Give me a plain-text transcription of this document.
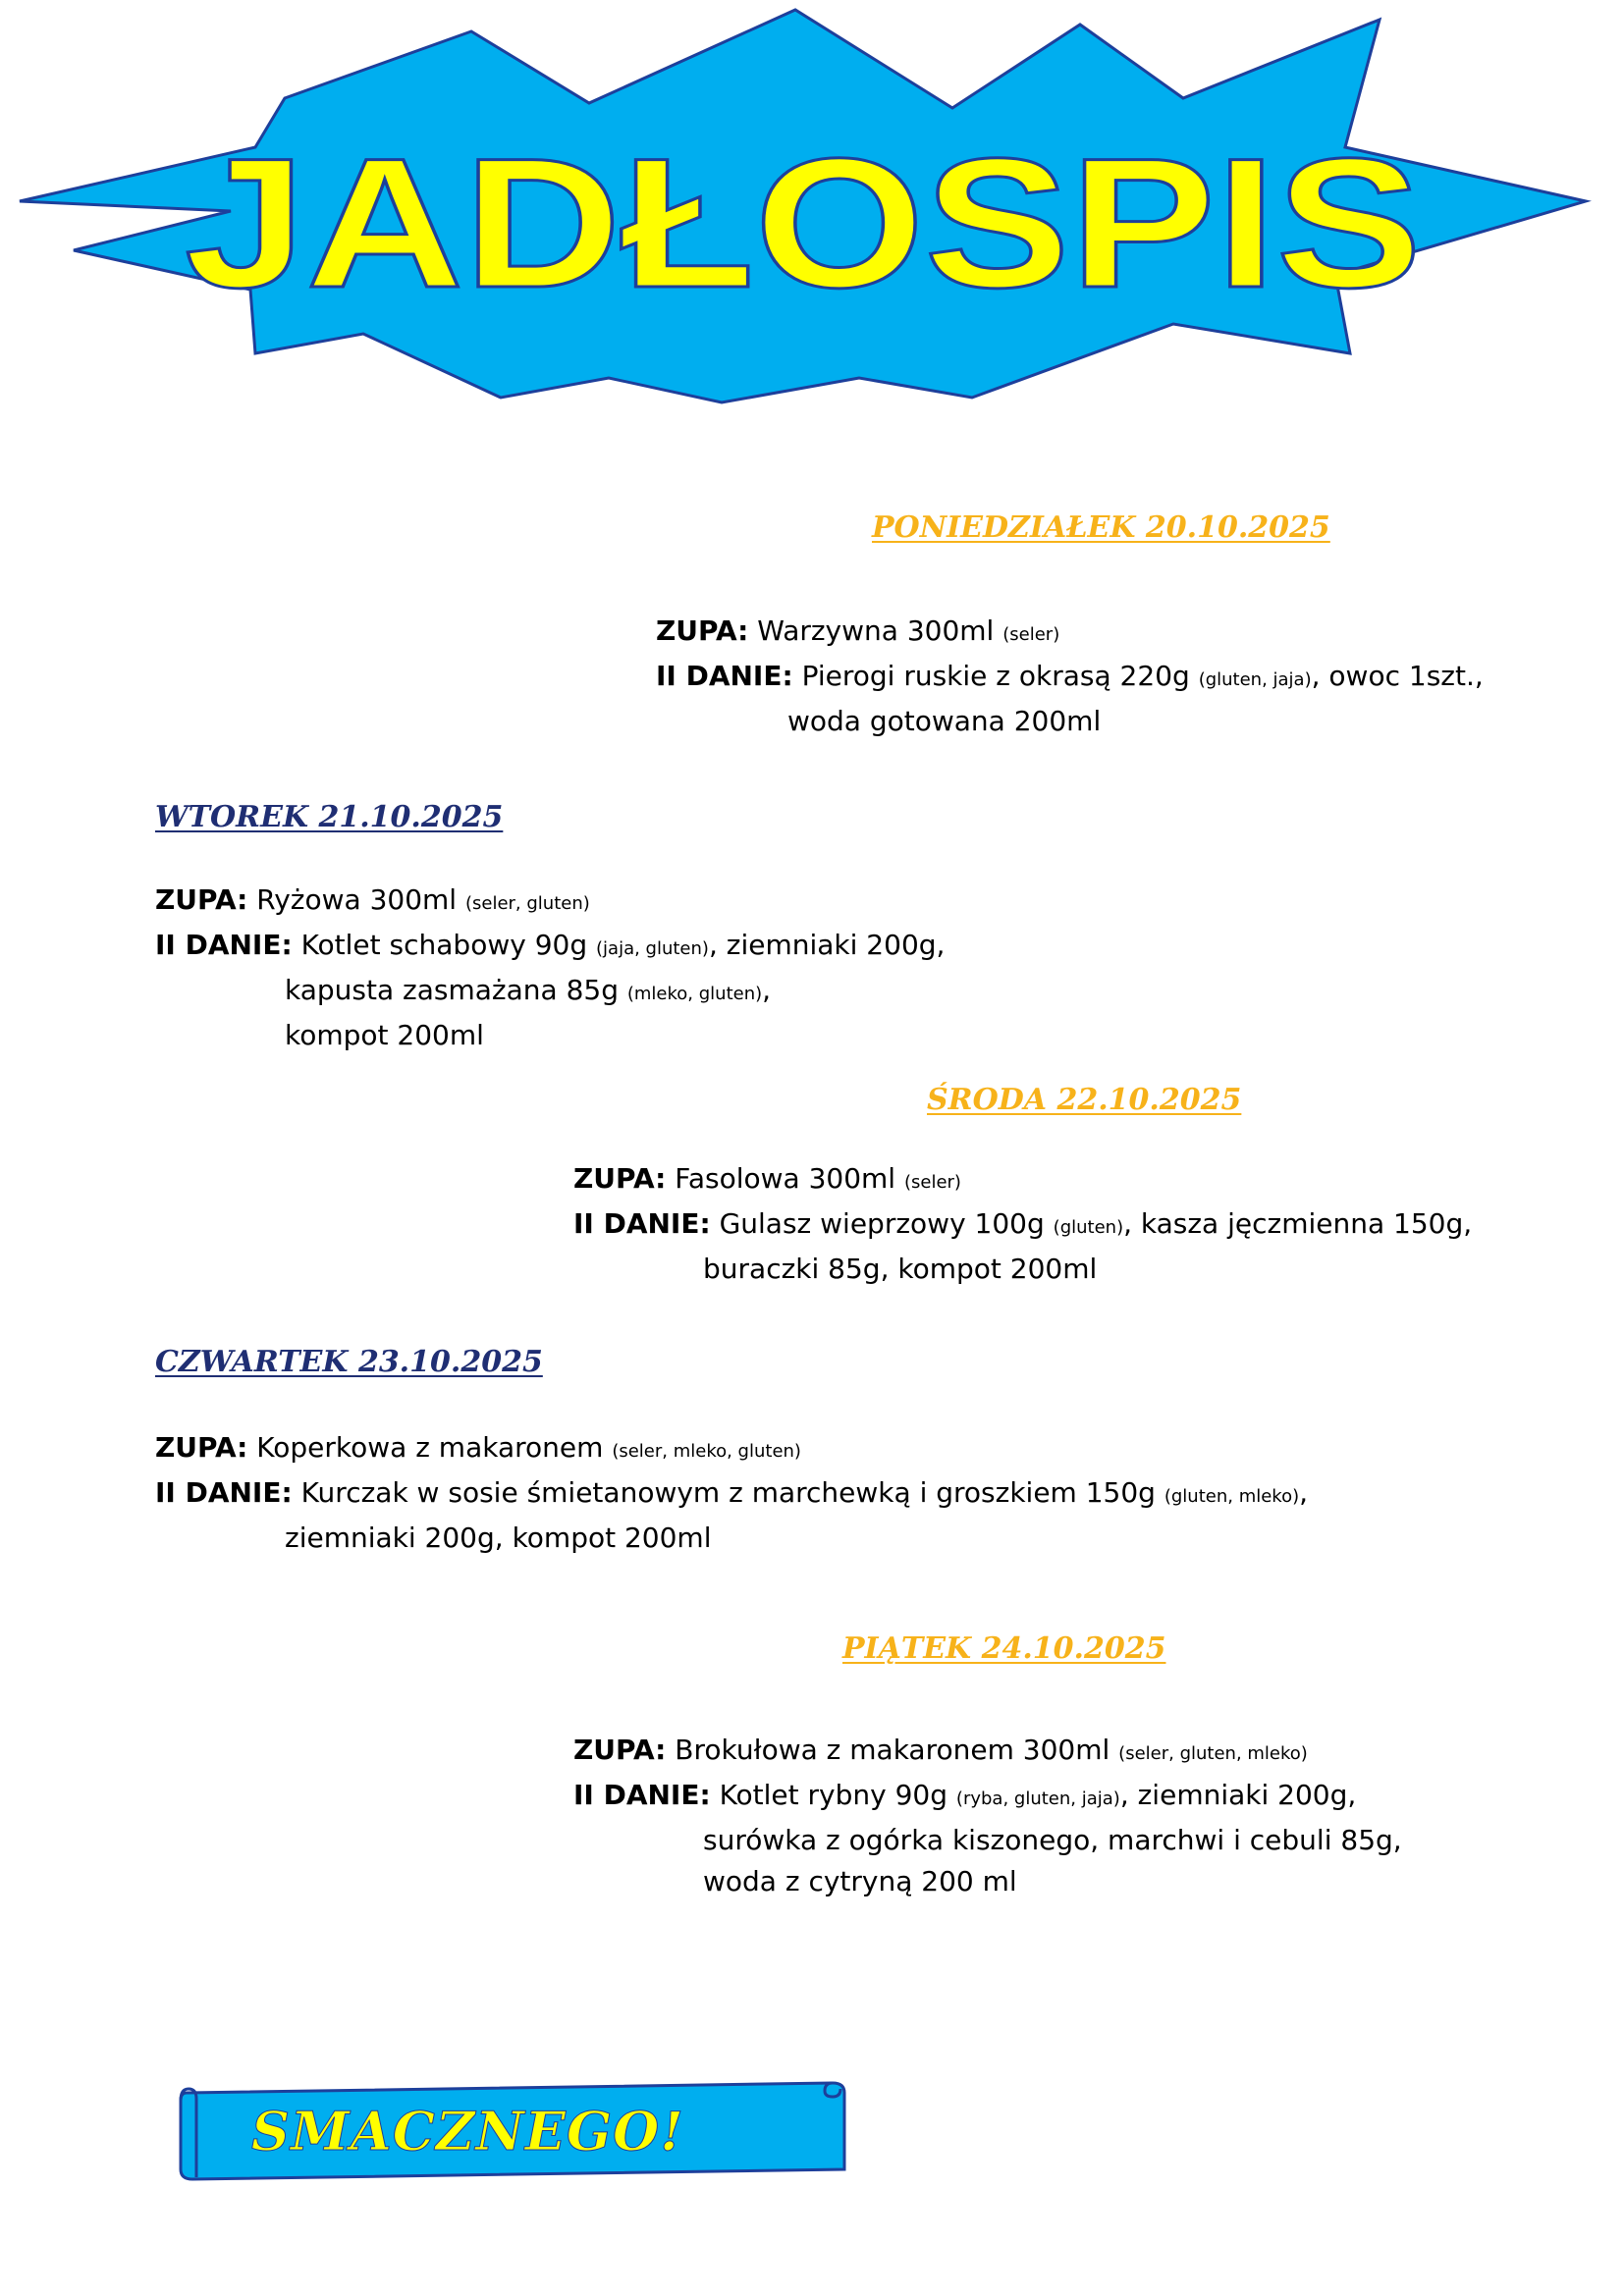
JADŁOSPIS
PONIEDZIAŁEK 20.10.2025
ZUPA: Warzywna 300ml (seler)
II DANIE: Pierogi ruskie z okrasą 220g (gluten, jaja), owoc 1szt.,
woda gotowana 200ml
WTOREK 21.10.2025
ZUPA: Ryżowa 300ml (seler, gluten)
II DANIE: Kotlet schabowy 90g (jaja, gluten), ziemniaki 200g,
kapusta zasmażana 85g (mleko, gluten),
kompot 200ml
ŚRODA 22.10.2025
ZUPA: Fasolowa 300ml (seler)
II DANIE: Gulasz wieprzowy 100g (gluten), kasza jęczmienna 150g,
buraczki 85g, kompot 200ml
CZWARTEK 23.10.2025
ZUPA: Koperkowa z makaronem (seler, mleko, gluten)
II DANIE: Kurczak w sosie śmietanowym z marchewką i groszkiem 150g (gluten, mleko),
ziemniaki 200g, kompot 200ml
PIĄTEK 24.10.2025
ZUPA: Brokułowa z makaronem 300ml (seler, gluten, mleko)
II DANIE: Kotlet rybny 90g (ryba, gluten, jaja), ziemniaki 200g,
surówka z ogórka kiszonego, marchwi i cebuli 85g,
woda z cytryną 200 ml
SMACZNEGO!
